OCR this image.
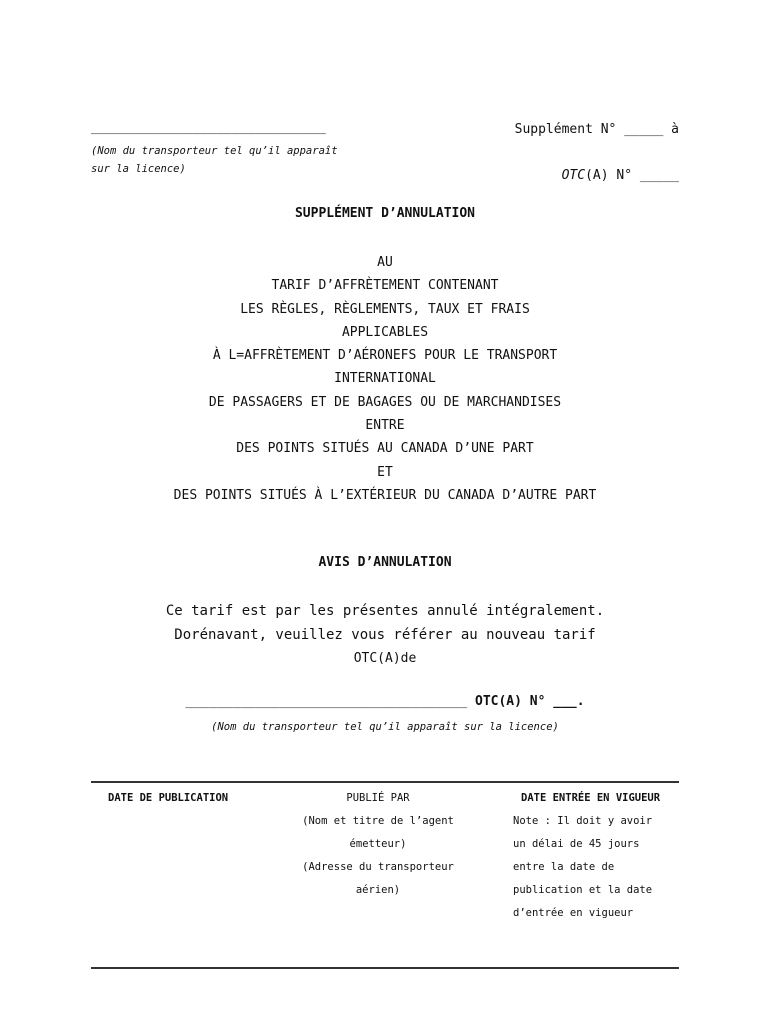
______________________________
(Nom du transporteur tel qu’il apparaît
sur la licence)
Supplément N° _____ à
OTC(A) N° _____
SUPPLÉMENT D’ANNULATION
AU
TARIF D’AFFRÈTEMENT CONTENANT
LES RÈGLES, RÈGLEMENTS, TAUX ET FRAIS
APPLICABLES
À L=AFFRÈTEMENT D’AÉRONEFS POUR LE TRANSPORT
INTERNATIONAL
DE PASSAGERS ET DE BAGAGES OU DE MARCHANDISES
ENTRE
DES POINTS SITUÉS AU CANADA D’UNE PART
ET
DES POINTS SITUÉS À L’EXTÉRIEUR DU CANADA D’AUTRE PART
AVIS D’ANNULATION
Ce tarif est par les présentes annulé intégralement.
Dorénavant, veuillez vous référer au nouveau tarif
OTC(A)de
____________________________________ OTC(A) N° ___.
(Nom du transporteur tel qu’il apparaît sur la licence)
DATE DE PUBLICATION	PUBLIÉ PAR
(Nom et titre de l’agent
émetteur)
(Adresse du transporteur
aérien)
DATE ENTRÉE EN VIGUEUR
Note : Il doit y avoir
un délai de 45 jours
entre la date de
publication et la date
d’entrée en vigueur
